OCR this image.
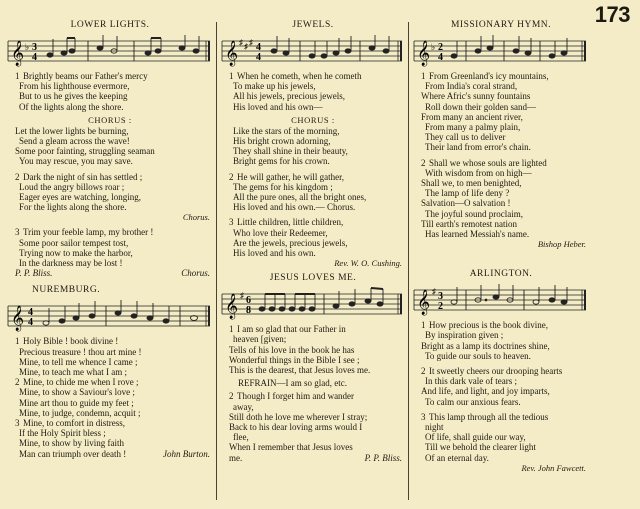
173
LOWER LIGHTS.
𝄞 ♭ 3
4
1 Brightly beams our Father's mercy
From his lighthouse evermore,
But to us he gives the keeping
Of the lights along the shore.
CHORUS :
Let the lower lights be burning,
Send a gleam across the wave!
Some poor fainting, struggling seaman
You may rescue, you may save.
2 Dark the night of sin has settled ;
Loud the angry billows roar ;
Eager eyes are watching, longing,
For the lights along the shore.
Chorus.
3 Trim your feeble lamp, my brother !
Some poor sailor tempest tost,
Trying now to make the harbor,
In the darkness may be lost !
P. P. Bliss.	Chorus.
NUREMBURG.
𝄞 4
4
1 Holy Bible ! book divine !
Precious treasure ! thou art mine !
Mine, to tell me whence I came ;
Mine, to teach me what I am ;
2 Mine, to chide me when I rove ;
Mine, to show a Saviour's love ;
Mine art thou to guide my feet ;
Mine, to judge, condemn, acquit ;
3 Mine, to comfort in distress,
If the Holy Spirit bless ;
Mine, to show by living faith
Man can triumph over death !	John Burton.
JEWELS.
𝄞 ♯ ♯ ♯ 4
4
1 When he cometh, when he cometh
To make up his jewels,
All his jewels, precious jewels,
His loved and his own—
CHORUS :
Like the stars of the morning,
His bright crown adorning,
They shall shine in their beauty,
Bright gems for his crown.
2 He will gather, he will gather,
The gems for his kingdom ;
All the pure ones, all the bright ones,
His loved and his own.— Chorus.
3 Little children, little children,
Who love their Redeemer,
Are the jewels, precious jewels,
His loved and his own.
Rev. W. O. Cushing.
JESUS LOVES ME.
𝄞 ♯ 6
8
1 I am so glad that our Father in
heaven [given;
Tells of his love in the book he has
Wonderful things in the Bible I see ;
This is the dearest, that Jesus loves me.
REFRAIN—I am so glad, etc.
2 Though I forget him and wander
away,
Still doth he love me wherever I stray;
Back to his dear loving arms would I
flee,
When I remember that Jesus loves
me.	P. P. Bliss.
MISSIONARY HYMN.
𝄞 ♭ 2
4
1 From Greenland's icy mountains,
From India's coral strand,
Where Afric's sunny fountains
Roll down their golden sand—
From many an ancient river,
From many a palmy plain,
They call us to deliver
Their land from error's chain.
2 Shall we whose souls are lighted
With wisdom from on high—
Shall we, to men benighted,
The lamp of life deny ?
Salvation—O salvation !
The joyful sound proclaim,
Till earth's remotest nation
Has learned Messiah's name.
Bishop Heber.
ARLINGTON.
𝄞 ♯ 3
2
1 How precious is the book divine,
By inspiration given ;
Bright as a lamp its doctrines shine,
To guide our souls to heaven.
2 It sweetly cheers our drooping hearts
In this dark vale of tears ;
And life, and light, and joy imparts,
To calm our anxious fears.
3 This lamp through all the tedious
night
Of life, shall guide our way,
Till we behold the clearer light
Of an eternal day.
Rev. John Fawcett.
